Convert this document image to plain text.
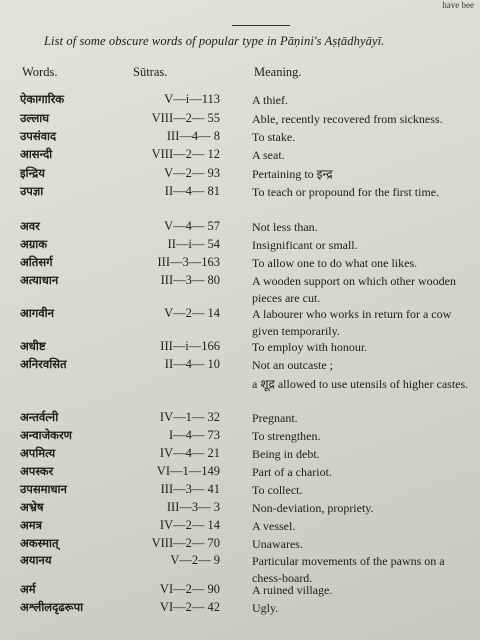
have bee
List of some obscure words of popular type in Pāṇini's Aṣṭādhyāyī.
Words.	Sūtras.	Meaning.
ऐकागारिक	V—i—113	A thief.
उल्लाघ	VIII—2— 55	Able, recently recovered from sickness.
उपसंवाद	III—4— 8	To stake.
आसन्दी	VIII—2— 12	A seat.
इन्द्रिय	V—2— 93	Pertaining to इन्द्र
उपज्ञा	II—4— 81	To teach or propound for the first time.
अवर	V—4— 57	Not less than.
अग्राक	II—i— 54	Insignificant or small.
अतिसर्ग	III—3—163	To allow one to do what one likes.
अत्याधान	III—3— 80	A wooden support on which other wooden pieces are cut.
आगवीन	V—2— 14	A labourer who works in return for a cow given temporarily.
अधीष्ट	III—i—166	To employ with honour.
अनिरवसित	II—4— 10	Not an outcaste ;
a शूद्र allowed to use utensils of higher castes.
अन्तर्वत्नी	IV—1— 32	Pregnant.
अन्वाजेकरण	I—4— 73	To strengthen.
अपमित्य	IV—4— 21	Being in debt.
अपस्कर	VI—1—149	Part of a chariot.
उपसमाधान	III—3— 41	To collect.
अभ्रेष	III—3— 3	Non-deviation, propriety.
अमत्र	IV—2— 14	A vessel.
अकस्मात्	VIII—2— 70	Unawares.
अयानय	V—2— 9	Particular movements of the pawns on a chess-board.
अर्म	VI—2— 90	A ruined village.
अश्लीलदृढरूपा	VI—2— 42	Ugly.
